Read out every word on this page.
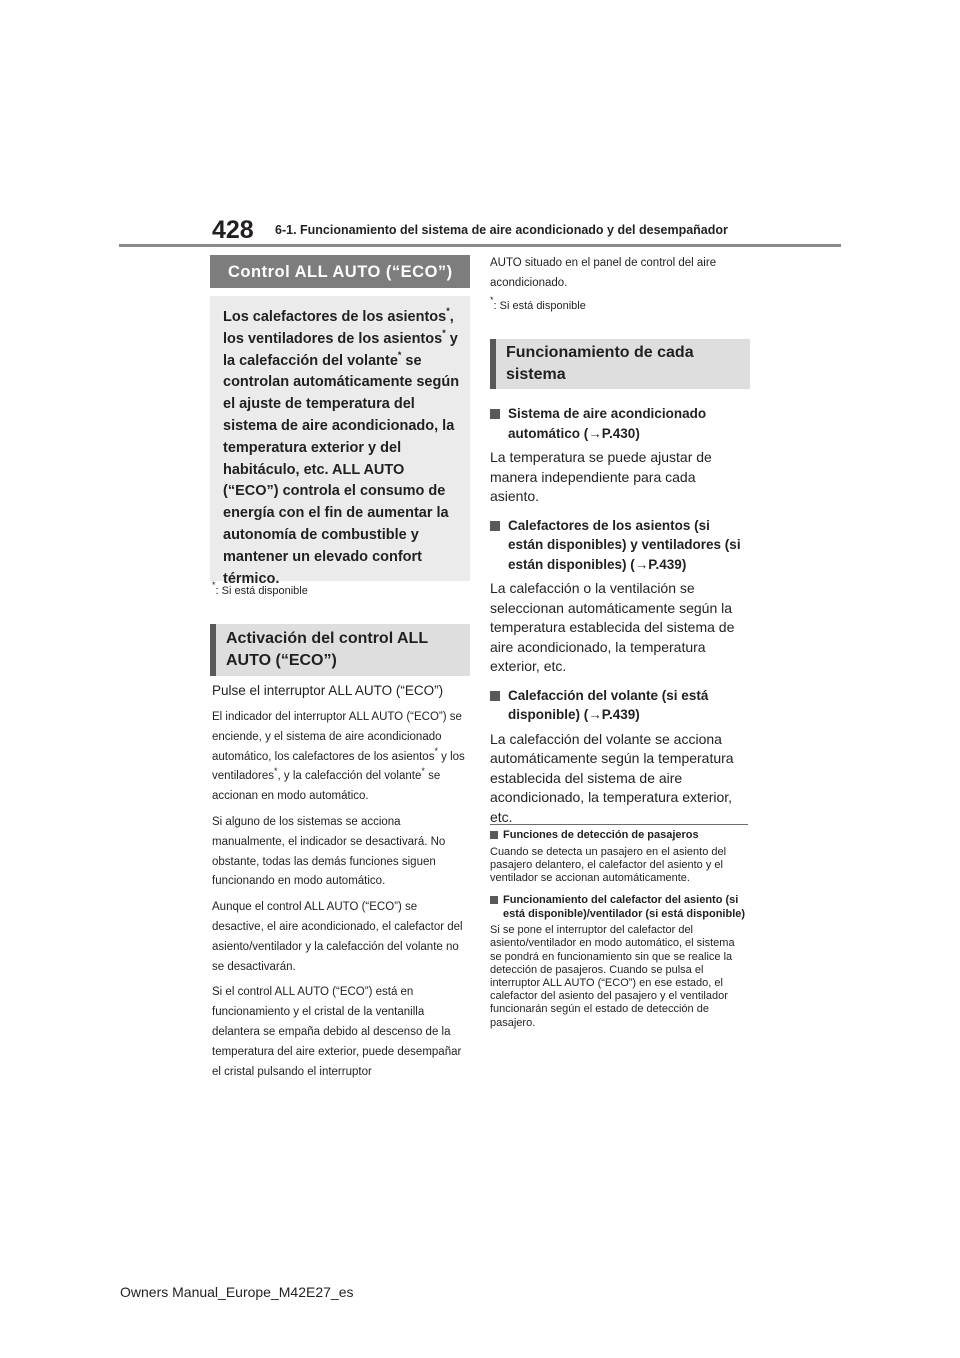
428 6-1. Funcionamiento del sistema de aire acondicionado y del desempañador
Control ALL AUTO (“ECO”)
Los calefactores de los asientos*, los ventiladores de los asientos* y la calefacción del volante* se controlan automáticamente según el ajuste de temperatura del sistema de aire acondicionado, la temperatura exterior y del habitáculo, etc. ALL AUTO (“ECO”) controla el consumo de energía con el fin de aumentar la autonomía de combustible y mantener un elevado confort térmico.
*: Si está disponible
Activación del control ALL AUTO (“ECO”)
Pulse el interruptor ALL AUTO (“ECO”)

El indicador del interruptor ALL AUTO (“ECO”) se enciende, y el sistema de aire acondicionado automático, los calefactores de los asientos* y los ventiladores*, y la calefacción del volante* se accionan en modo automático.

Si alguno de los sistemas se acciona manualmente, el indicador se desactivará. No obstante, todas las demás funciones siguen funcionando en modo automático.

Aunque el control ALL AUTO (“ECO”) se desactive, el aire acondicionado, el calefactor del asiento/ventilador y la calefacción del volante no se desactivarán.

Si el control ALL AUTO (“ECO”) está en funcionamiento y el cristal de la ventanilla delantera se empaña debido al descenso de la temperatura del aire exterior, puede desempañar el cristal pulsando el interruptor

AUTO situado en el panel de control del aire acondicionado.
*: Si está disponible
Funcionamiento de cada sistema
Sistema de aire acondicionado automático (→P.430)
La temperatura se puede ajustar de manera independiente para cada asiento.
Calefactores de los asientos (si están disponibles) y ventiladores (si están disponibles) (→P.439)
La calefacción o la ventilación se seleccionan automáticamente según la temperatura establecida del sistema de aire acondicionado, la temperatura exterior, etc.
Calefacción del volante (si está disponible) (→P.439)
La calefacción del volante se acciona automáticamente según la temperatura establecida del sistema de aire acondicionado, la temperatura exterior, etc.
Funciones de detección de pasajeros
Cuando se detecta un pasajero en el asiento del pasajero delantero, el calefactor del asiento y el ventilador se accionan automáticamente.
Funcionamiento del calefactor del asiento (si está disponible)/ventilador (si está disponible)
Si se pone el interruptor del calefactor del asiento/ventilador en modo automático, el sistema se pondrá en funcionamiento sin que se realice la detección de pasajeros. Cuando se pulsa el interruptor ALL AUTO (“ECO”) en ese estado, el calefactor del asiento del pasajero y el ventilador funcionarán según el estado de detección de pasajero.
Owners Manual_Europe_M42E27_es
